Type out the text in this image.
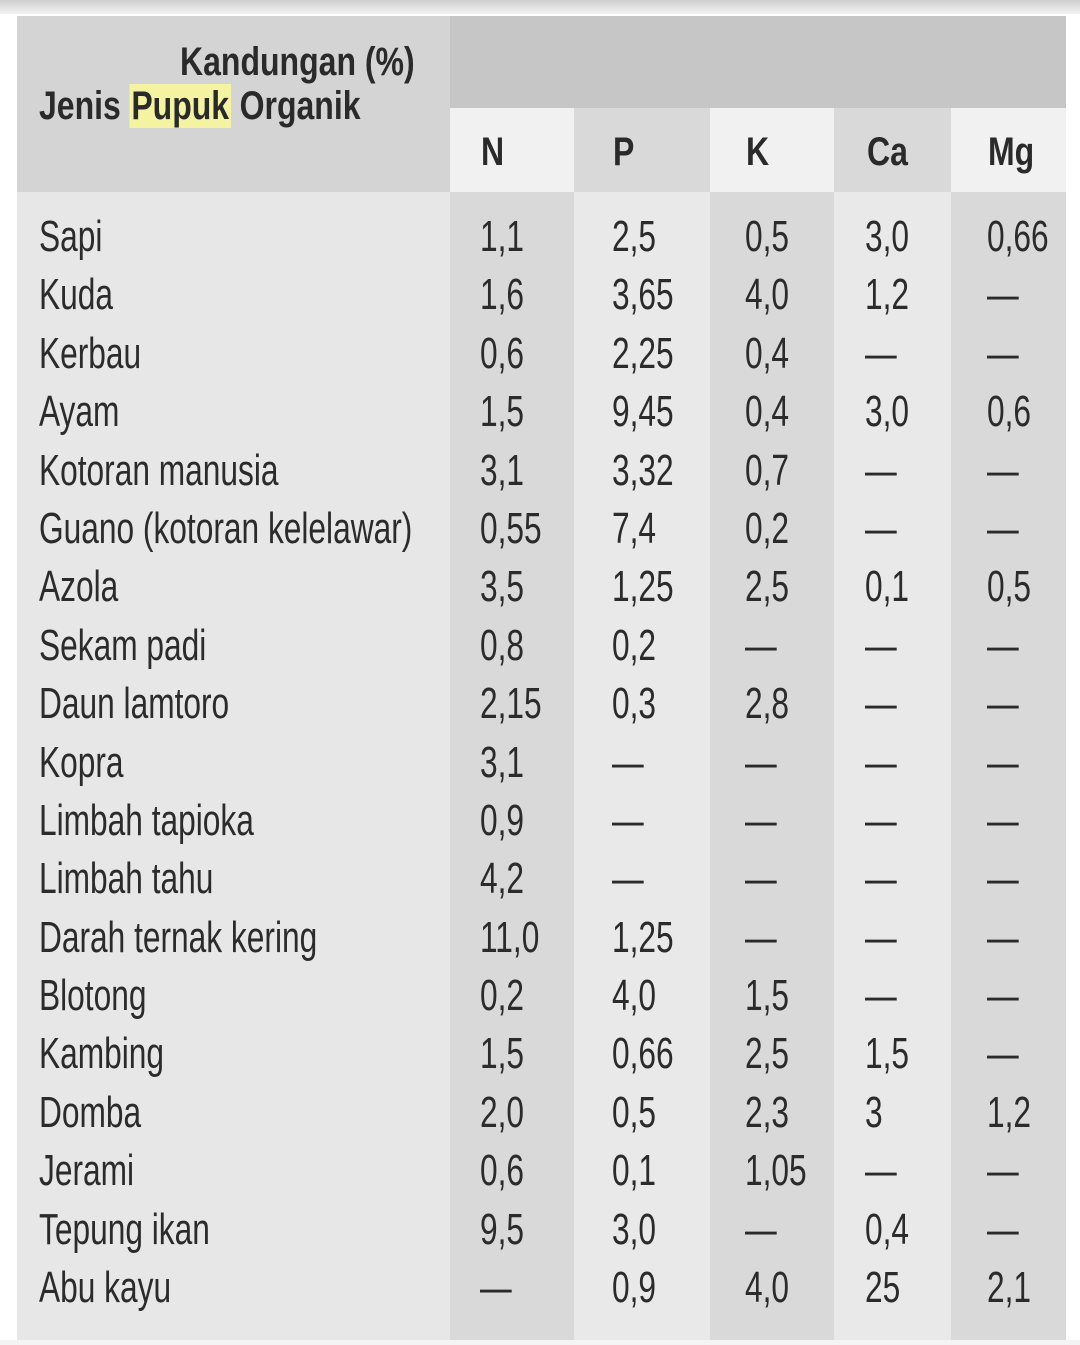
Jenis Pupuk Organik
Kandungan (%)
N	P	K Ca Mg
Sapi	1,1 2,5 0,5 3,0 0,66
Kuda	1,6 3,65 4,0 1,2 —
Kerbau	0,6 2,25 0,4 — —
Ayam	1,5 9,45 0,4 3,0 0,6
Kotoran manusia	3,1 3,32 0,7 — —
Guano (kotoran kelelawar) 0,55 7,4 0,2 — —
Azola	3,5 1,25 2,5 0,1 0,5
Sekam padi	0,8 0,2 — — —
Daun lamtoro	2,15 0,3 2,8 — —
Kopra	3,1 — — — —
Limbah tapioka	0,9 — — — —
Limbah tahu	4,2 — — — —
Darah ternak kering	11,0 1,25 — — —
Blotong	0,2 4,0 1,5 — —
Kambing	1,5 0,66 2,5 1,5 —
Domba	2,0 0,5 2,3 3 1,2
Jerami	0,6 0,1 1,05 — —
Tepung ikan	9,5 3,0 — 0,4 —
Abu kayu	— 0,9 4,0 25 2,1
